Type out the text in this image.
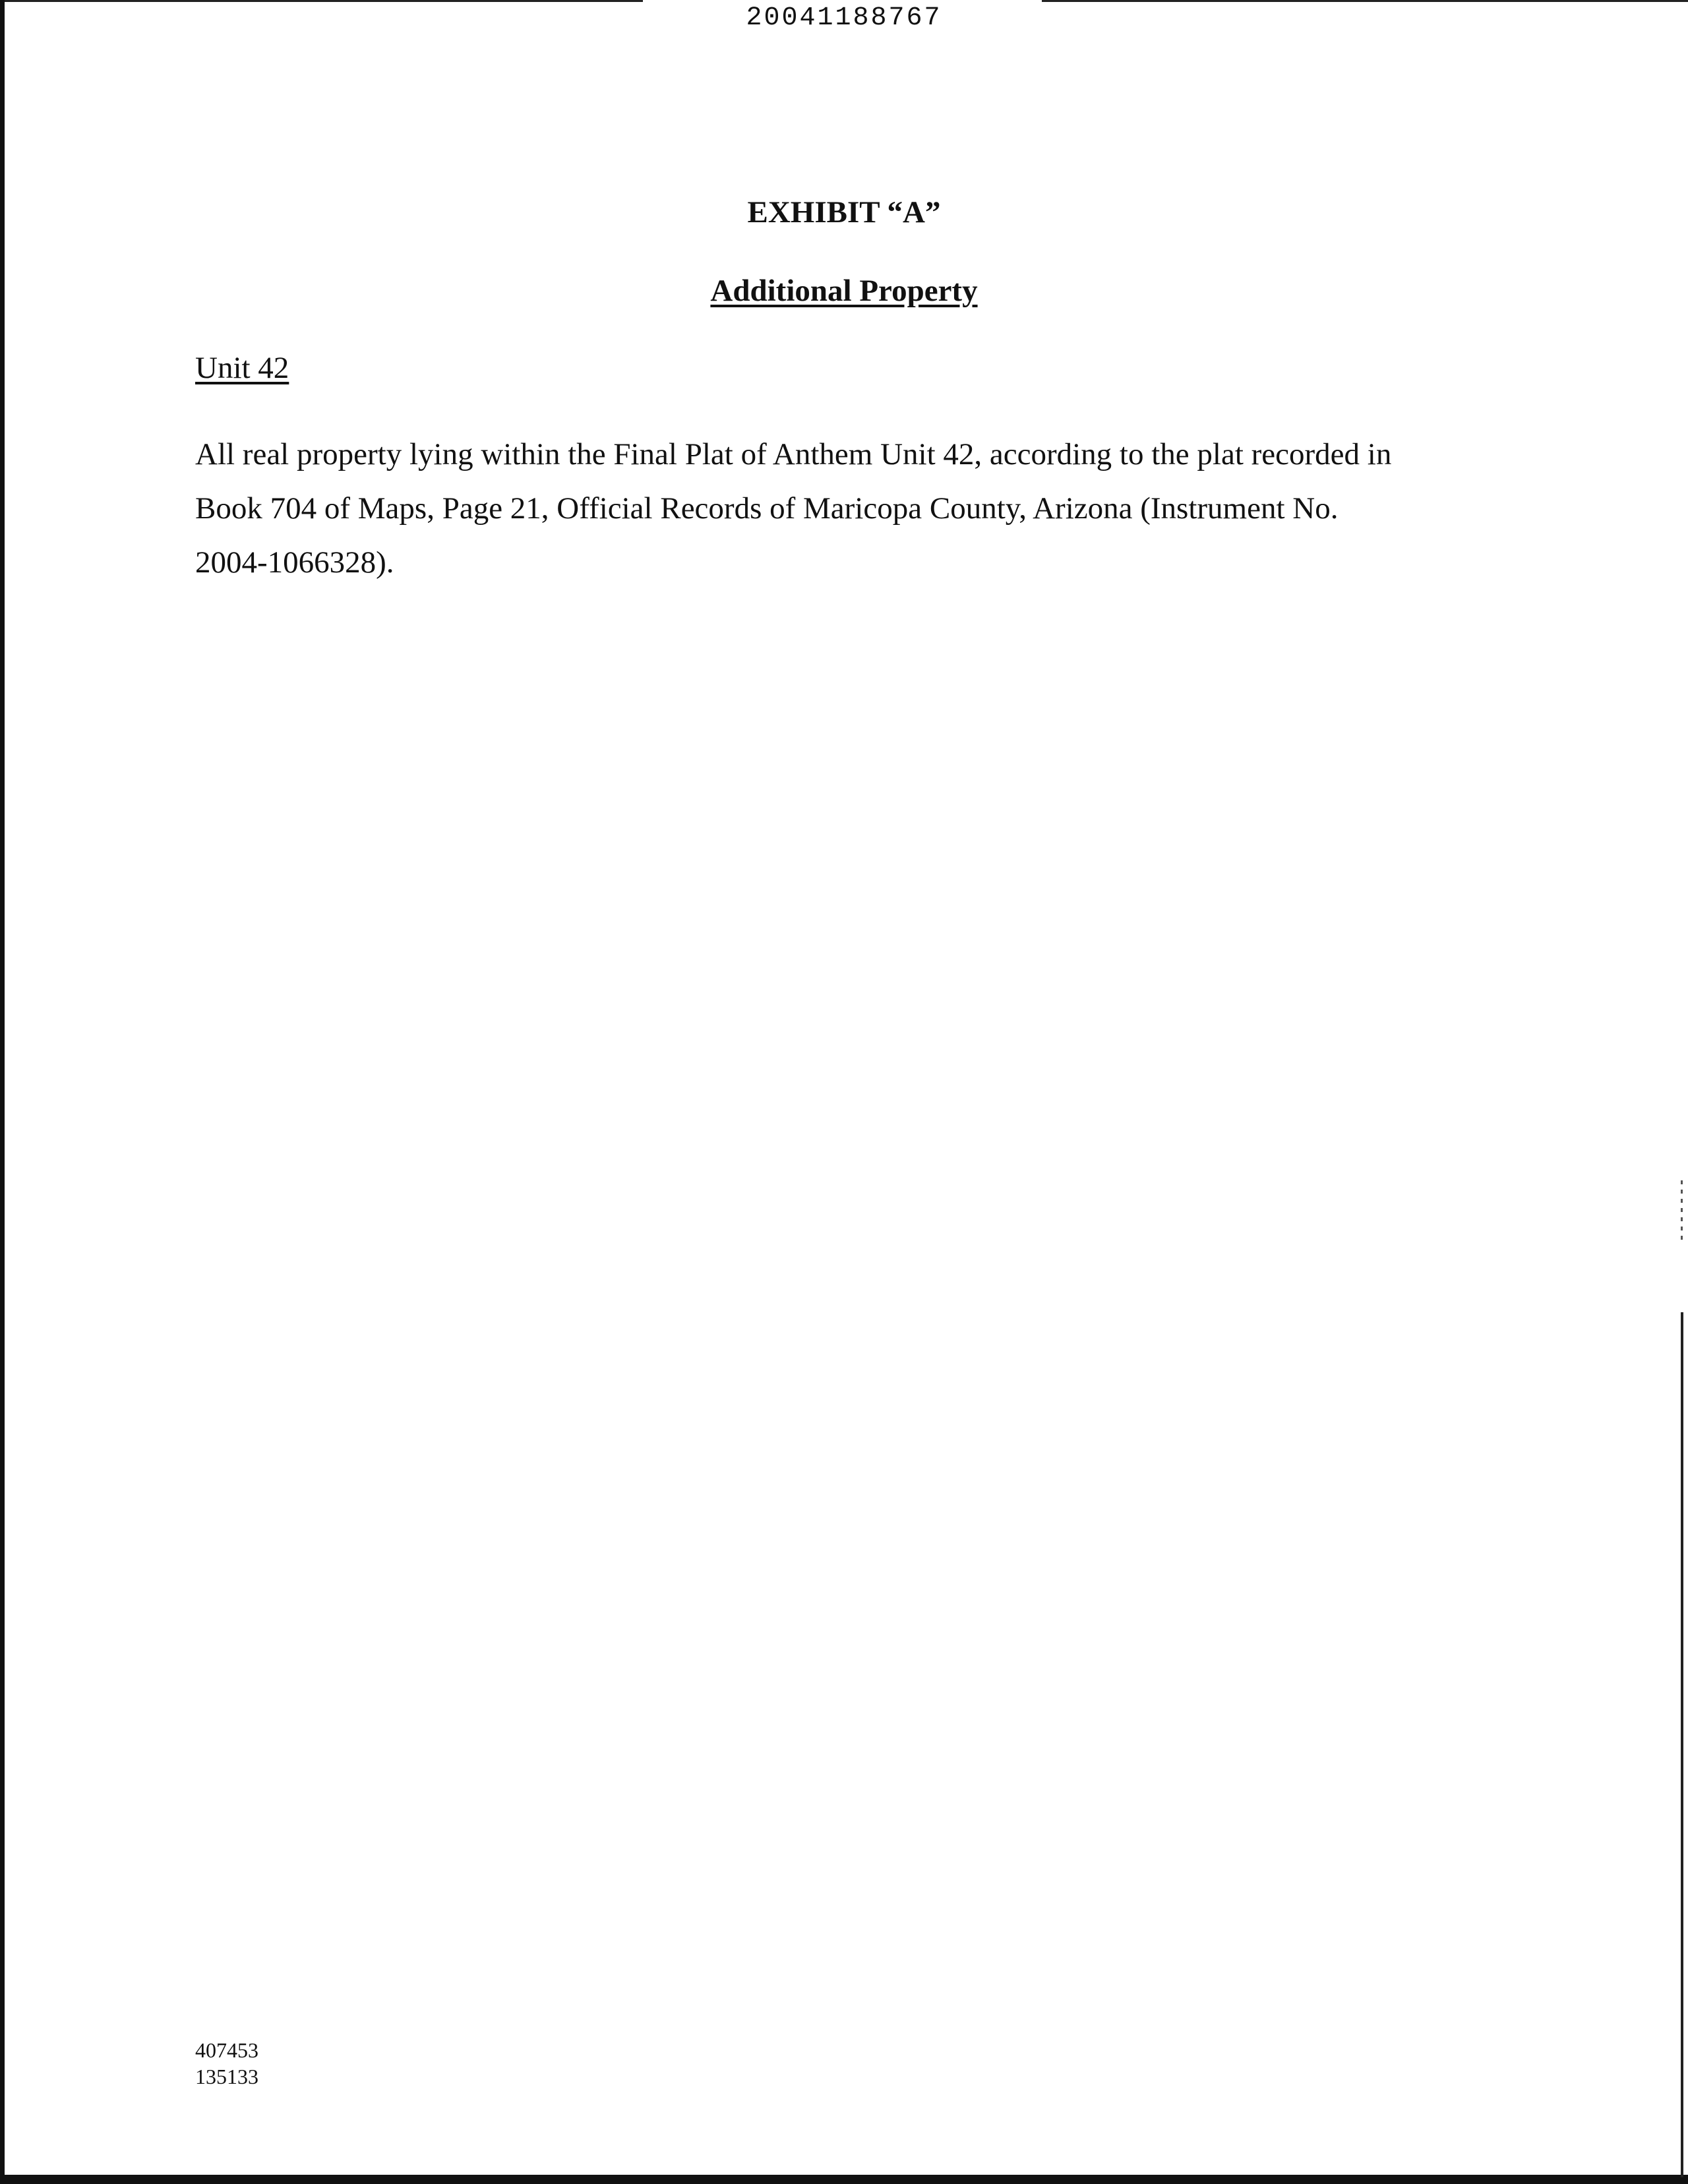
20041188767
EXHIBIT “A”
Additional Property
Unit 42
All real property lying within the Final Plat of Anthem Unit 42, according to the plat recorded in
Book 704 of Maps, Page 21, Official Records of Maricopa County, Arizona (Instrument No.
2004-1066328).
407453
135133
